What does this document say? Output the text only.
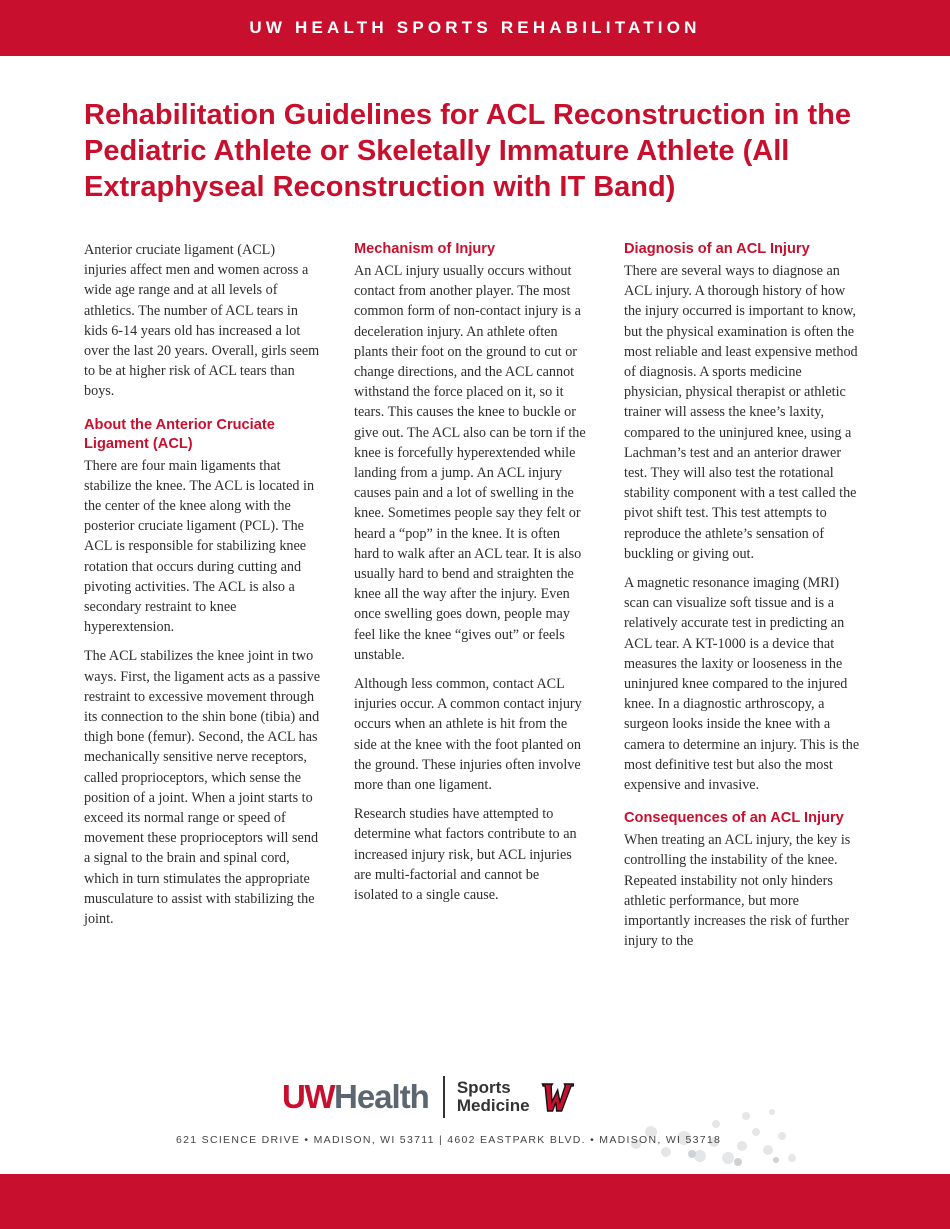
UW HEALTH SPORTS REHABILITATION
Rehabilitation Guidelines for ACL Reconstruction in the Pediatric Athlete or Skeletally Immature Athlete (All Extraphyseal Reconstruction with IT Band)

Anterior cruciate ligament (ACL) injuries affect men and women across a wide age range and at all levels of athletics. The number of ACL tears in kids 6-14 years old has increased a lot over the last 20 years. Overall, girls seem to be at higher risk of ACL tears than boys.

About the Anterior Cruciate Ligament (ACL)

There are four main ligaments that stabilize the knee. The ACL is located in the center of the knee along with the posterior cruciate ligament (PCL). The ACL is responsible for stabilizing knee rotation that occurs during cutting and pivoting activities. The ACL is also a secondary restraint to knee hyperextension.

The ACL stabilizes the knee joint in two ways. First, the ligament acts as a passive restraint to excessive movement through its connection to the shin bone (tibia) and thigh bone (femur). Second, the ACL has mechanically sensitive nerve receptors, called proprioceptors, which sense the position of a joint. When a joint starts to exceed its normal range or speed of movement these proprioceptors will send a signal to the brain and spinal cord, which in turn stimulates the appropriate musculature to assist with stabilizing the joint.

Mechanism of Injury

An ACL injury usually occurs without contact from another player. The most common form of non-contact injury is a deceleration injury. An athlete often plants their foot on the ground to cut or change directions, and the ACL cannot withstand the force placed on it, so it tears. This causes the knee to buckle or give out. The ACL also can be torn if the knee is forcefully hyperextended while landing from a jump. An ACL injury causes pain and a lot of swelling in the knee. Sometimes people say they felt or heard a “pop” in the knee. It is often hard to walk after an ACL tear. It is also usually hard to bend and straighten the knee all the way after the injury. Even once swelling goes down, people may feel like the knee “gives out” or feels unstable.

Although less common, contact ACL injuries occur. A common contact injury occurs when an athlete is hit from the side at the knee with the foot planted on the ground. These injuries often involve more than one ligament.

Research studies have attempted to determine what factors contribute to an increased injury risk, but ACL injuries are multi-factorial and cannot be isolated to a single cause.

Diagnosis of an ACL Injury

There are several ways to diagnose an ACL injury. A thorough history of how the injury occurred is important to know, but the physical examination is often the most reliable and least expensive method of diagnosis. A sports medicine physician, physical therapist or athletic trainer will assess the knee’s laxity, compared to the uninjured knee, using a Lachman’s test and an anterior drawer test. They will also test the rotational stability component with a test called the pivot shift test. This test attempts to reproduce the athlete’s sensation of buckling or giving out.

A magnetic resonance imaging (MRI) scan can visualize soft tissue and is a relatively accurate test in predicting an ACL tear. A KT-1000 is a device that measures the laxity or looseness in the uninjured knee compared to the injured knee. In a diagnostic arthroscopy, a surgeon looks inside the knee with a camera to determine an injury. This is the most definitive test but also the most expensive and invasive.

Consequences of an ACL Injury

When treating an ACL injury, the key is controlling the instability of the knee. Repeated instability not only hinders athletic performance, but more importantly increases the risk of further injury to the

UW Health Sports
Medicine
621 SCIENCE DRIVE • MADISON, WI 53711 | 4602 EASTPARK BLVD. • MADISON, WI 53718
